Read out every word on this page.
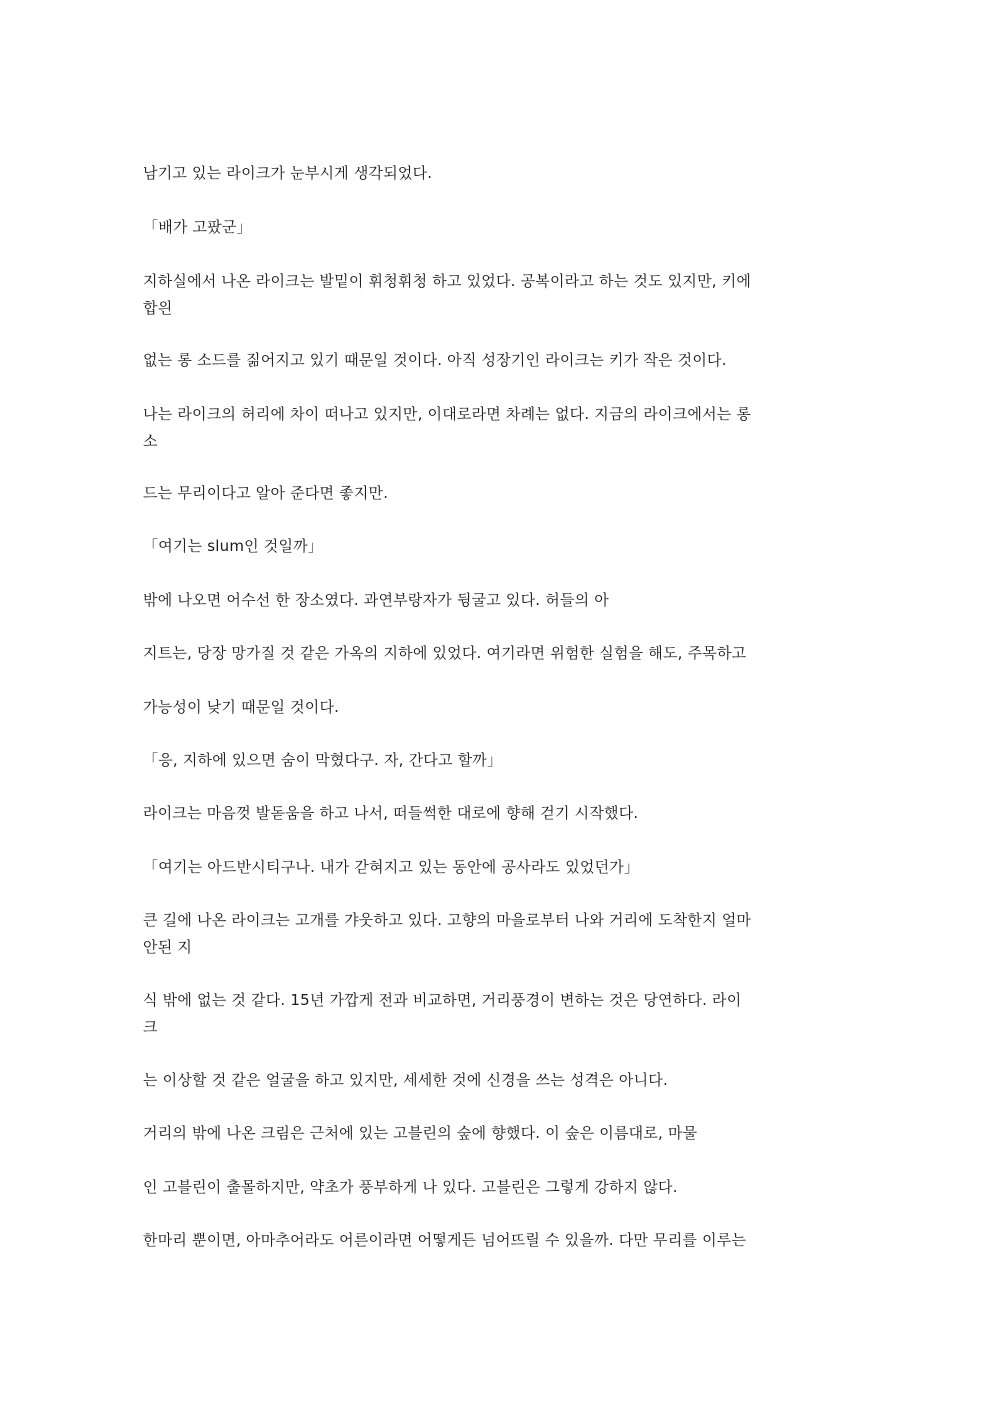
남기고 있는 라이크가 눈부시게 생각되었다.

「배가 고팠군」

지하실에서 나온 라이크는 발밑이 휘청휘청 하고 있었다. 공복이라고 하는 것도 있지만, 키에
합읜

없는 롱 소드를 짊어지고 있기 때문일 것이다. 아직 성장기인 라이크는 키가 작은 것이다.

나는 라이크의 허리에 차이 떠나고 있지만, 이대로라면 차례는 없다. 지금의 라이크에서는 롱
소

드는 무리이다고 알아 준다면 좋지만.

「여기는 slum인 것일까」

밖에 나오면 어수선 한 장소였다. 과연부랑자가 뒹굴고 있다. 허들의 아

지트는, 당장 망가질 것 같은 가옥의 지하에 있었다. 여기라면 위험한 실험을 해도, 주목하고

가능성이 낮기 때문일 것이다.

「응, 지하에 있으면 숨이 막혔다구. 자, 간다고 할까」

라이크는 마음껏 발돋움을 하고 나서, 떠들썩한 대로에 향해 걷기 시작했다.

「여기는 아드반시티구나. 내가 갇혀지고 있는 동안에 공사라도 있었던가」

큰 길에 나온 라이크는 고개를 갸웃하고 있다. 고향의 마을로부터 나와 거리에 도착한지 얼마
안된 지

식 밖에 없는 것 같다. 15년 가깝게 전과 비교하면, 거리풍경이 변하는 것은 당연하다. 라이
크

는 이상할 것 같은 얼굴을 하고 있지만, 세세한 것에 신경을 쓰는 성격은 아니다.

거리의 밖에 나온 크림은 근처에 있는 고블린의 숲에 향했다. 이 숲은 이름대로, 마물

인 고블린이 출몰하지만, 약초가 풍부하게 나 있다. 고블린은 그렇게 강하지 않다.

한마리 뿐이면, 아마추어라도 어른이라면 어떻게든 넘어뜨릴 수 있을까. 다만 무리를 이루는
